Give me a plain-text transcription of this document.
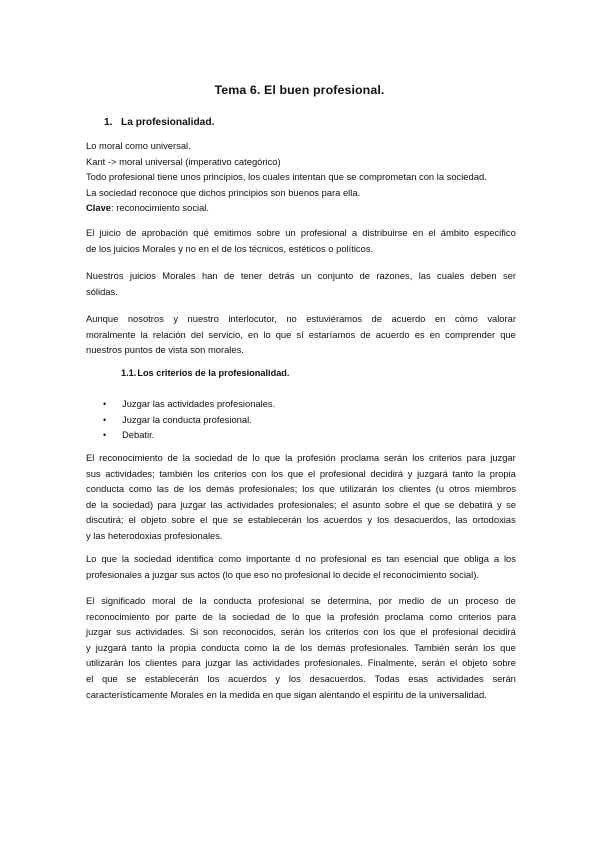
Tema 6. El buen profesional.
1. La profesionalidad.
Lo moral como universal.
Kant -> moral universal (imperativo categórico)
Todo profesional tiene unos principios, los cuales intentan que se comprometan con la sociedad.
La sociedad reconoce que dichos principios son buenos para ella.
Clave: reconocimiento social.
El juicio de aprobación qué emitimos sobre un profesional a distribuirse en el ámbito especifico
de los juicios Morales y no en el de los técnicos, estéticos o políticos.
Nuestros juicios Morales han de tener detrás un conjunto de razones, las cuales deben ser
sólidas.
Aunque nosotros y nuestro interlocutor, no estuviéramos de acuerdo en cómo valorar
moralmente la relación del servicio, en lo que sí estaríamos de acuerdo es en comprender que
nuestros puntos de vista son morales.
1.1.Los criterios de la profesionalidad.
• Juzgar las actividades profesionales.
• Juzgar la conducta profesional.
• Debatir.
El reconocimiento de la sociedad de lo que la profesión proclama serán los criterios para juzgar
sus actividades; también los criterios con los que el profesional decidirá y juzgará tanto la propia
conducta como las de los demás profesionales; los que utilizarán los clientes (u otros miembros
de la sociedad) para juzgar las actividades profesionales; el asunto sobre el que se debatirá y se
discutirá; el objeto sobre el que se establecerán los acuerdos y los desacuerdos, las ortodoxias
y las heterodoxias profesionales.
Lo que la sociedad identifica como importante d no profesional es tan esencial que obliga a los
profesionales a juzgar sus actos (lo que eso no profesional lo decide el reconocimiento social).
El significado moral de la conducta profesional se determina, por medio de un proceso de
reconocimiento por parte de la sociedad de lo que la profesión proclama como criterios para
juzgar sus actividades. Si son reconocidos, serán los criterios con los que el profesional decidirá
y juzgará tanto la propia conducta como la de los demás profesionales. También serán los que
utilizarán los clientes para juzgar las actividades profesionales. Finalmente, serán el objeto sobre
el que se establecerán los acuerdos y los desacuerdos. Todas esas actividades serán
característicamente Morales en la medida en que sigan alentando el espíritu de la universalidad.
